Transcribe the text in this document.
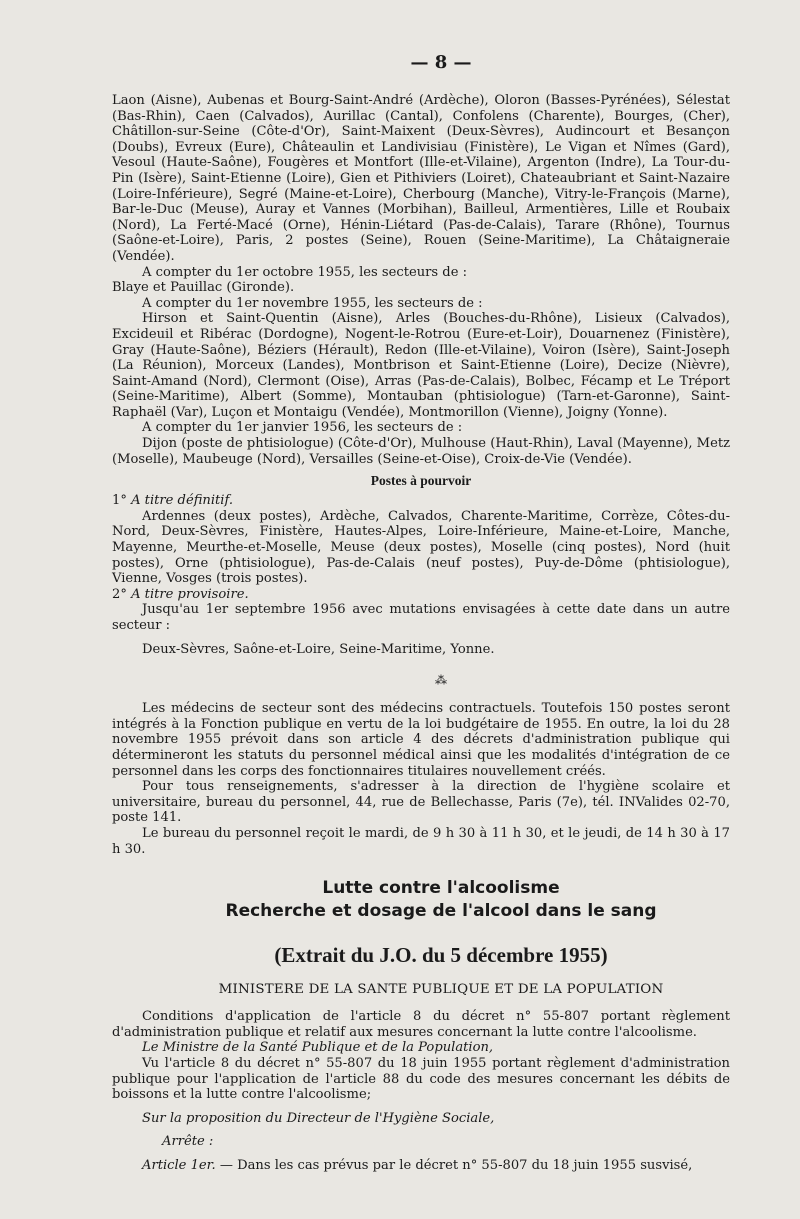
— 8 —

Laon (Aisne), Aubenas et Bourg-Saint-André (Ardèche), Oloron (Basses-Pyrénées), Sélestat (Bas-Rhin), Caen (Calvados), Aurillac (Cantal), Confolens (Charente), Bourges, (Cher), Châtillon-sur-Seine (Côte-d'Or), Saint-Maixent (Deux-Sèvres), Audincourt et Besançon (Doubs), Evreux (Eure), Châteaulin et Landivisiau (Finistère), Le Vigan et Nîmes (Gard), Vesoul (Haute-Saône), Fougères et Montfort (Ille-et-Vilaine), Argenton (Indre), La Tour-du-Pin (Isère), Saint-Etienne (Loire), Gien et Pithiviers (Loiret), Chateaubriant et Saint-Nazaire (Loire-Inférieure), Segré (Maine-et-Loire), Cherbourg (Manche), Vitry-le-François (Marne), Bar-le-Duc (Meuse), Auray et Vannes (Morbihan), Bailleul, Armentières, Lille et Roubaix (Nord), La Ferté-Macé (Orne), Hénin-Liétard (Pas-de-Calais), Tarare (Rhône), Tournus (Saône-et-Loire), Paris, 2 postes (Seine), Rouen (Seine-Maritime), La Châtaigneraie (Vendée).

A compter du 1er octobre 1955, les secteurs de :

Blaye et Pauillac (Gironde).

A compter du 1er novembre 1955, les secteurs de :

Hirson et Saint-Quentin (Aisne), Arles (Bouches-du-Rhône), Lisieux (Calvados), Excideuil et Ribérac (Dordogne), Nogent-le-Rotrou (Eure-et-Loir), Douarnenez (Finistère), Gray (Haute-Saône), Béziers (Hérault), Redon (Ille-et-Vilaine), Voiron (Isère), Saint-Joseph (La Réunion), Morceux (Landes), Montbrison et Saint-Etienne (Loire), Decize (Nièvre), Saint-Amand (Nord), Clermont (Oise), Arras (Pas-de-Calais), Bolbec, Fécamp et Le Tréport (Seine-Maritime), Albert (Somme), Montauban (phtisiologue) (Tarn-et-Garonne), Saint-Raphaël (Var), Luçon et Montaigu (Vendée), Montmorillon (Vienne), Joigny (Yonne).

A compter du 1er janvier 1956, les secteurs de :

Dijon (poste de phtisiologue) (Côte-d'Or), Mulhouse (Haut-Rhin), Laval (Mayenne), Metz (Moselle), Maubeuge (Nord), Versailles (Seine-et-Oise), Croix-de-Vie (Vendée).

Postes à pourvoir

1° A titre définitif.

Ardennes (deux postes), Ardèche, Calvados, Charente-Maritime, Corrèze, Côtes-du-Nord, Deux-Sèvres, Finistère, Hautes-Alpes, Loire-Inférieure, Maine-et-Loire, Manche, Mayenne, Meurthe-et-Moselle, Meuse (deux postes), Moselle (cinq postes), Nord (huit postes), Orne (phtisiologue), Pas-de-Calais (neuf postes), Puy-de-Dôme (phtisiologue), Vienne, Vosges (trois postes).

2° A titre provisoire.

Jusqu'au 1er septembre 1956 avec mutations envisagées à cette date dans un autre secteur :

Deux-Sèvres, Saône-et-Loire, Seine-Maritime, Yonne.

⁂

Les médecins de secteur sont des médecins contractuels. Toutefois 150 postes seront intégrés à la Fonction publique en vertu de la loi budgétaire de 1955. En outre, la loi du 28 novembre 1955 prévoit dans son article 4 des décrets d'administration publique qui détermineront les statuts du personnel médical ainsi que les modalités d'intégration de ce personnel dans les corps des fonctionnaires titulaires nouvellement créés.

Pour tous renseignements, s'adresser à la direction de l'hygiène scolaire et universitaire, bureau du personnel, 44, rue de Bellechasse, Paris (7e), tél. INValides 02-70, poste 141.

Le bureau du personnel reçoit le mardi, de 9 h 30 à 11 h 30, et le jeudi, de 14 h 30 à 17 h 30.

Lutte contre l'alcoolisme
Recherche et dosage de l'alcool dans le sang
(Extrait du J.O. du 5 décembre 1955)
MINISTERE DE LA SANTE PUBLIQUE ET DE LA POPULATION

Conditions d'application de l'article 8 du décret n° 55-807 portant règlement d'administration publique et relatif aux mesures concernant la lutte contre l'alcoolisme.

Le Ministre de la Santé Publique et de la Population,

Vu l'article 8 du décret n° 55-807 du 18 juin 1955 portant règlement d'administration publique pour l'application de l'article 88 du code des mesures concernant les débits de boissons et la lutte contre l'alcoolisme;

Sur la proposition du Directeur de l'Hygiène Sociale,

Arrête :

Article 1er. — Dans les cas prévus par le décret n° 55-807 du 18 juin 1955 susvisé,
